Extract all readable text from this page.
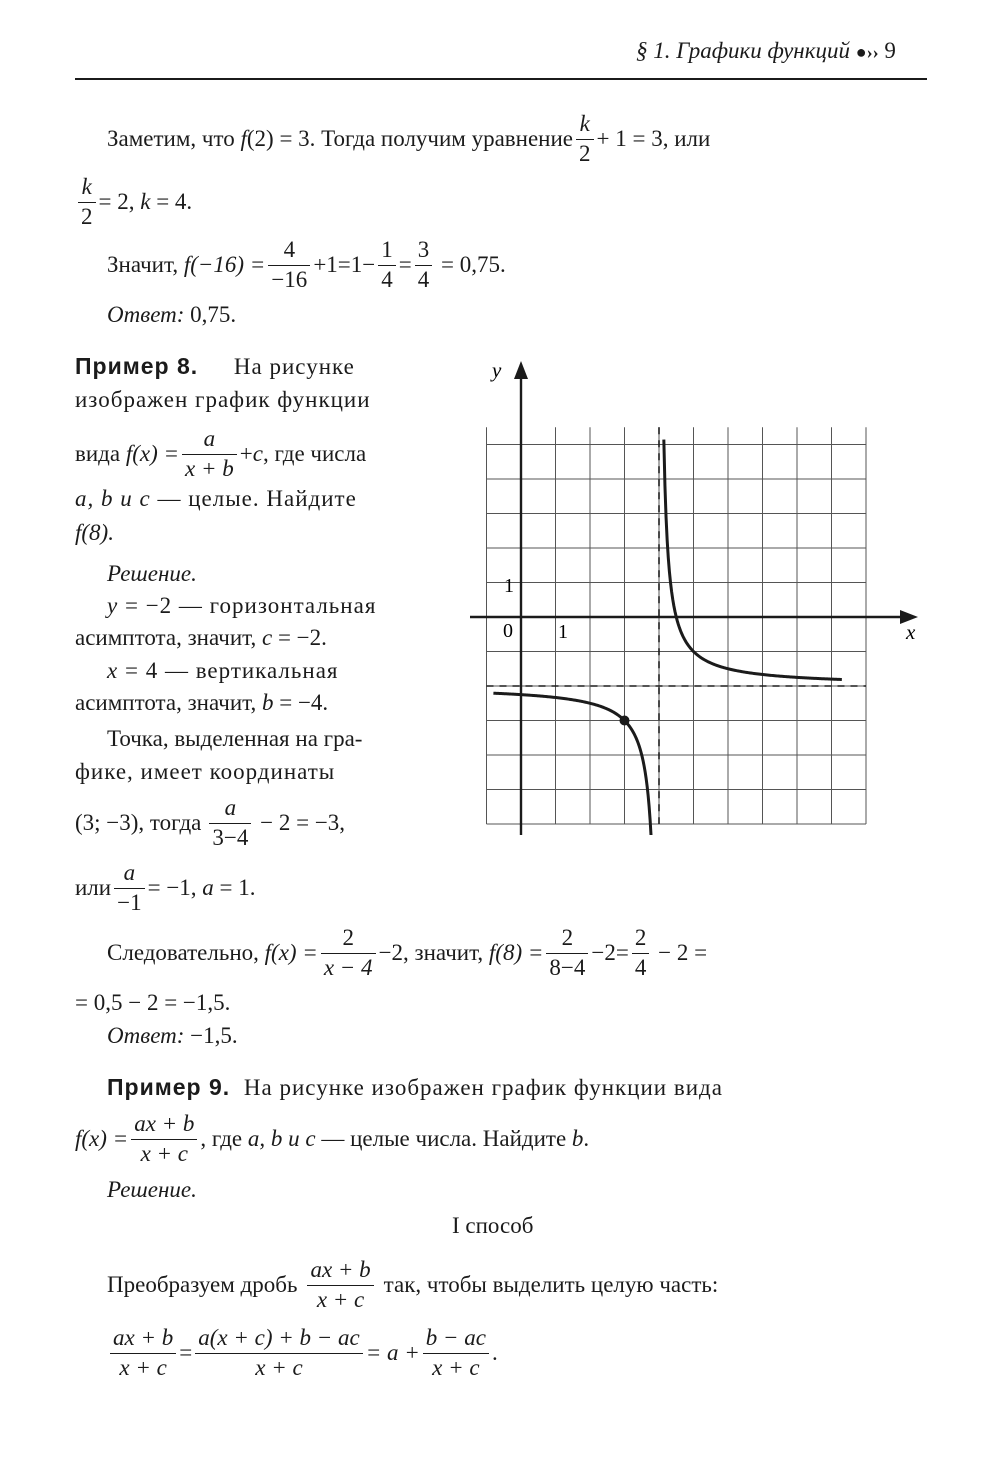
§ 1. Графики функций ●›› 9
Заметим, что
f (2) = 3. Тогда получим уравнение $\frac{k}{2} + 1 = 3$, или
$\frac{k}{2} = 2$,
k
= 4.
Значит,
$f(-16) = \frac{4}{-16} +1=1- \frac{1}{4} = \frac{3}{4}$
= 0,75.
Ответ: 0,75.
Пример 8. На рисунке
изображен график функции
вида
$f(x) = \frac{a}{x + b} + c$ , где числа
a, b и c — целые. Найдите
f(8).
Решение.
y = −2 — горизонтальная
асимптота, значит, c = −2.
x = 4 — вертикальная
асимптота, значит, b = −4.
Точка, выделенная на гра-
фике, имеет координаты
(3; −3), тогда $\frac{a}{3-4}$
− 2 = −3,
или $\frac{a}{-1} = -1$,
a
= 1.
y
x
0 1
1
Следовательно,
$f(x) = \frac{2}{x - 4} -2$, значит,
$f(8) = \frac{2}{8-4} -2= \frac{2}{4}$
− 2 =
= 0,5 − 2 = −1,5.
Ответ: −1,5.
Пример 9. На рисунке изображен график функции вида
$f(x) = \frac{ax + b}{x + c}$ , где
a, b и c
— целые числа. Найдите
b .
Решение.
I способ
Преобразуем дробь $\frac{ax + b}{x + c}$ так, чтобы выделить целую часть:
$\frac{ax + b}{x + c} = \frac{a(x + c) + b - ac}{x + c} = a + \frac{b - ac}{x + c}$ .
